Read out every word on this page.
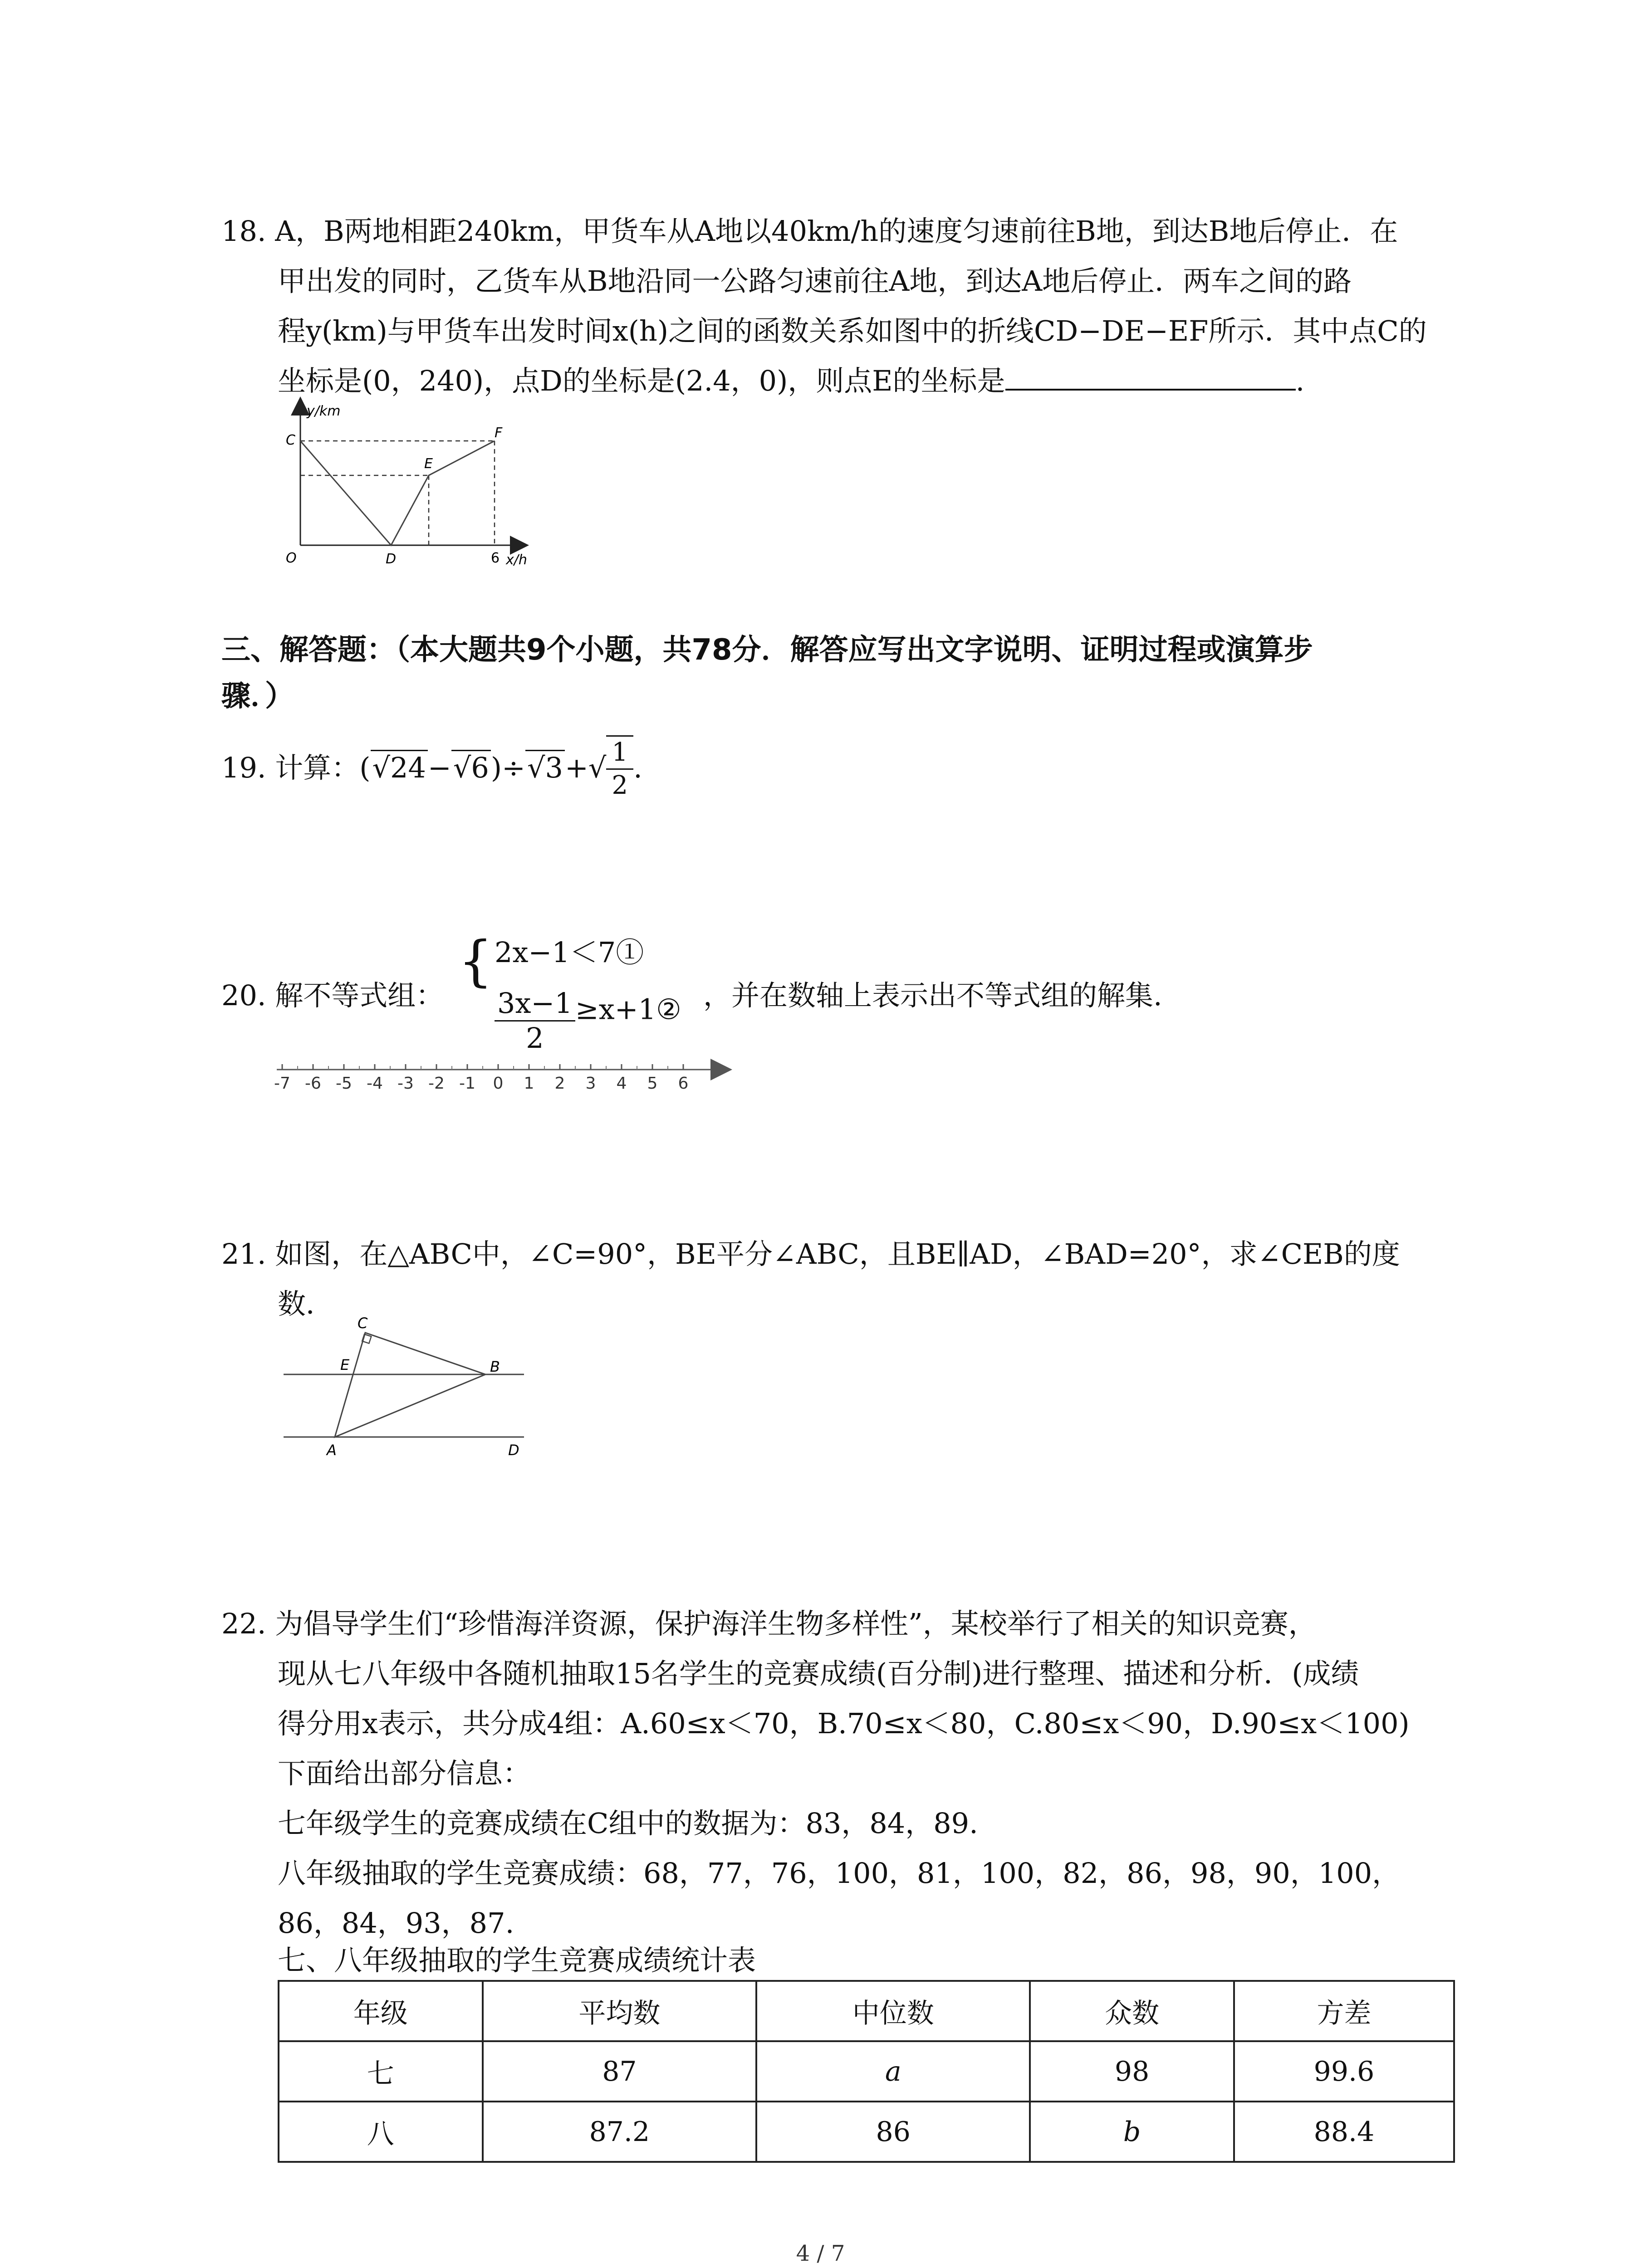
18. A，B两地相距240km，甲货车从A地以40km/h的速度匀速前往B地，到达B地后停止．在
甲出发的同时，乙货车从B地沿同一公路匀速前往A地，到达A地后停止．两车之间的路
程y(km)与甲货车出发时间x(h)之间的函数关系如图中的折线CD−DE−EF所示．其中点C的
坐标是(0，240)，点D的坐标是(2.4，0)，则点E的坐标是	.
y/km
C
E
F
O	D	6 x/h
三、解答题：（本大题共9个小题，共78分．解答应写出文字说明、证明过程或演算步
骤．）
19. 计算：$(√24-√6)\div√3+√ \frac{1}{2}$ .
20. 解不等式组：
{ 2x−1＜7①
$\frac{3x-1}{2}$ ≥x+1② ，并在数轴上表示出不等式组的解集.
-7 -6 -5 -4 -3 -2 -1 0 1 2 3 4 5 6
21. 如图，在△ABC中，∠C=90°，BE平分∠ABC，且BE∥AD，∠BAD=20°，求∠CEB的度
数．
C
E	B
A	D
22. 为倡导学生们“珍惜海洋资源，保护海洋生物多样性”，某校举行了相关的知识竞赛，
现从七八年级中各随机抽取15名学生的竞赛成绩(百分制)进行整理、描述和分析．(成绩
得分用x表示，共分成4组：A.60≤x＜70，B.70≤x＜80，C.80≤x＜90，D.90≤x＜100)
下面给出部分信息：
七年级学生的竞赛成绩在C组中的数据为：83，84，89.
八年级抽取的学生竞赛成绩：68，77，76，100，81，100，82，86，98，90，100，
86，84，93，87.
七、八年级抽取的学生竞赛成绩统计表
年级	平均数	中位数	众数	方差
七	87	a	98	99.6
八	87.2	86	b	88.4
4 / 7
